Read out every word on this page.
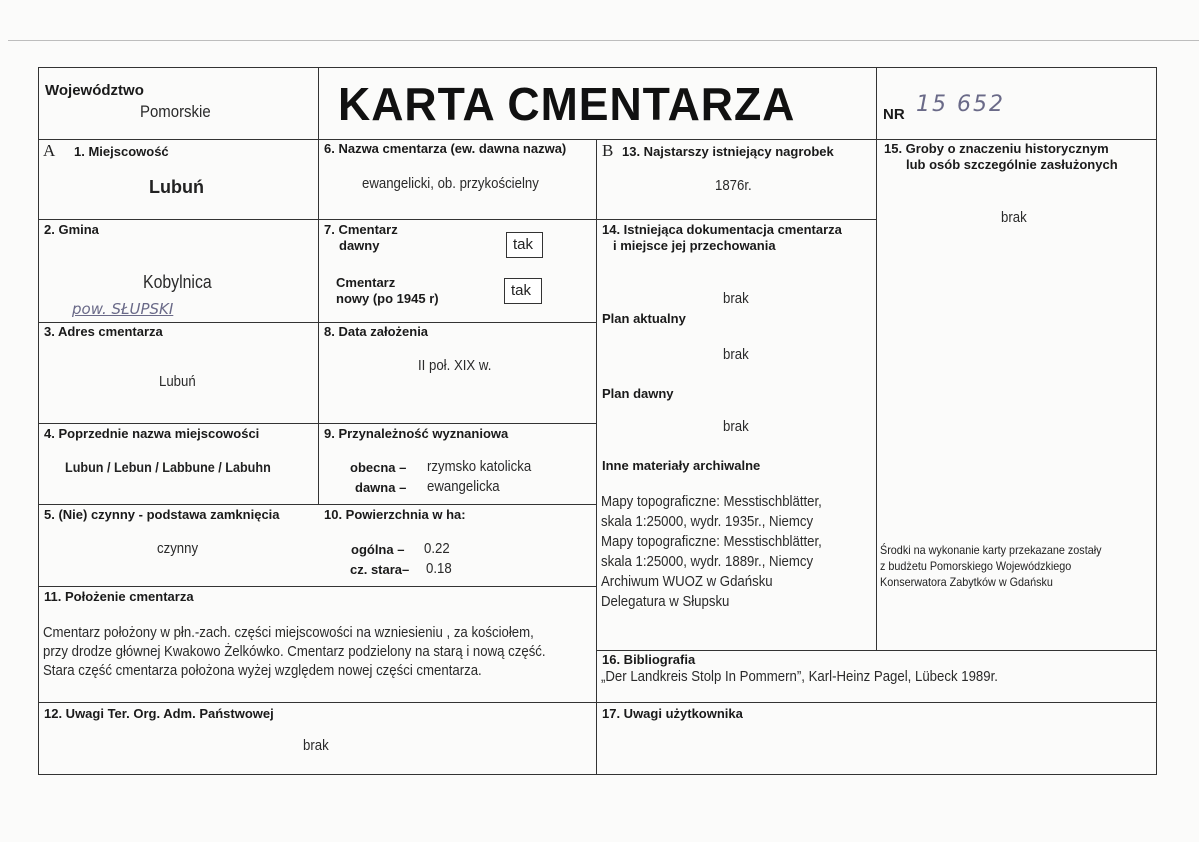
Województwo
Pomorskie	KARTA CMENTARZA	NR 15 652
A 1. Miejscowość
Lubuń
2. Gmina
Kobylnica
pow. SŁUPSKI
3. Adres cmentarza
Lubuń
4. Poprzednie nazwa miejscowości
Lubun / Lebun / Labbune / Labuhn
5. (Nie) czynny - podstawa zamknięcia
czynny
6. Nazwa cmentarza (ew. dawna nazwa)
ewangelicki, ob. przykościelny
7. Cmentarz
dawny	tak
Cmentarz
nowy (po 1945 r)	tak
8. Data założenia
II poł. XIX w.
9. Przynależność wyznaniowa
obecna – rzymsko katolicka
dawna – ewangelicka
10. Powierzchnia w ha:
ogólna – 0.22
cz. stara– 0.18
11. Położenie cmentarza
Cmentarz położony w płn.-zach. części miejscowości na wzniesieniu , za kościołem,
przy drodze głównej Kwakowo Żelkówko. Cmentarz podzielony na starą i nową część.
Stara część cmentarza położona wyżej względem nowej części cmentarza.
12. Uwagi Ter. Org. Adm. Państwowej
brak
B 13. Najstarszy istniejący nagrobek
1876r.
14. Istniejąca dokumentacja cmentarza
i miejsce jej przechowania
brak
Plan aktualny
brak
Plan dawny
brak
Inne materiały archiwalne
Mapy topograficzne: Messtischblätter,
skala 1:25000, wydr. 1935r., Niemcy
Mapy topograficzne: Messtischblätter,
skala 1:25000, wydr. 1889r., Niemcy
Archiwum WUOZ w Gdańsku
Delegatura w Słupsku
15. Groby o znaczeniu historycznym
lub osób szczególnie zasłużonych
brak
Środki na wykonanie karty przekazane zostały
z budżetu Pomorskiego Wojewódzkiego
Konserwatora Zabytków w Gdańsku
16. Bibliografia
„Der Landkreis Stolp In Pommern”, Karl-Heinz Pagel, Lübeck 1989r.
17. Uwagi użytkownika
